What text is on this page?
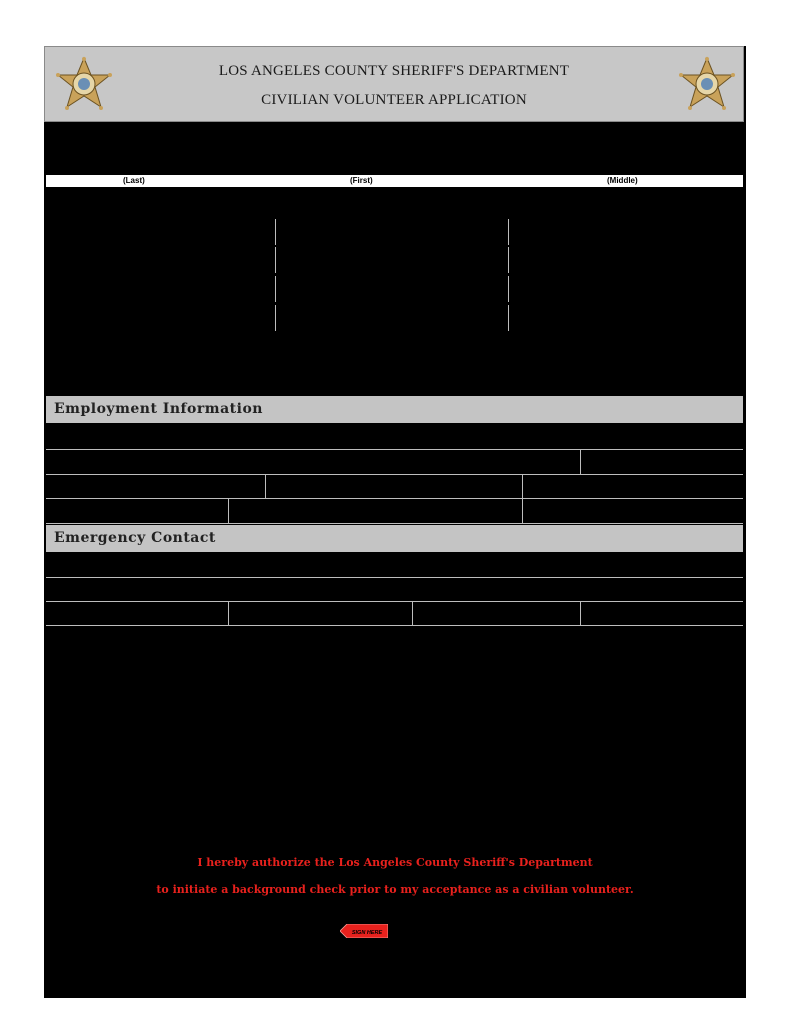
LOS ANGELES COUNTY SHERIFF'S DEPARTMENT
CIVILIAN VOLUNTEER APPLICATION
(Last)	(First)	(Middle)
Employment Information
Emergency Contact
I hereby authorize the Los Angeles County Sheriff's Department
to initiate a background check prior to my acceptance as a civilian volunteer.
SIGN HERE
